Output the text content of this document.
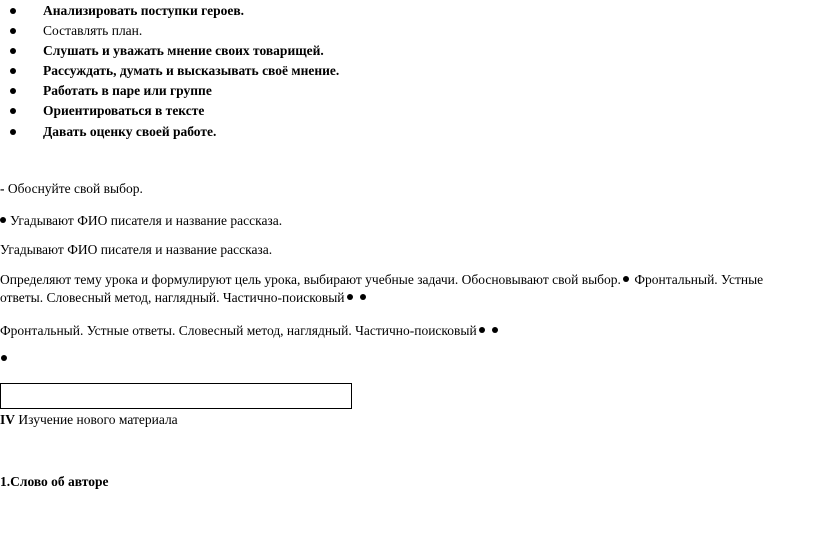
Анализировать поступки героев.
Составлять план.
Слушать и уважать мнение своих товарищей.
Рассуждать, думать и высказывать своё мнение.
Работать в паре или группе
Ориентироваться в тексте
Давать оценку своей работе.

- Обоснуйте свой выбор.

Угадывают ФИО писателя и название рассказа.

Угадывают ФИО писателя и название рассказа.

Определяют тему урока и формулируют цель урока, выбирают учебные задачи. Обосновывают свой выбор. Фронтальный. Устные ответы. Словесный метод, наглядный. Частично-поисковый

Фронтальный. Устные ответы. Словесный метод, наглядный. Частично-поисковый

IV Изучение нового материала

1.Слово об авторе
